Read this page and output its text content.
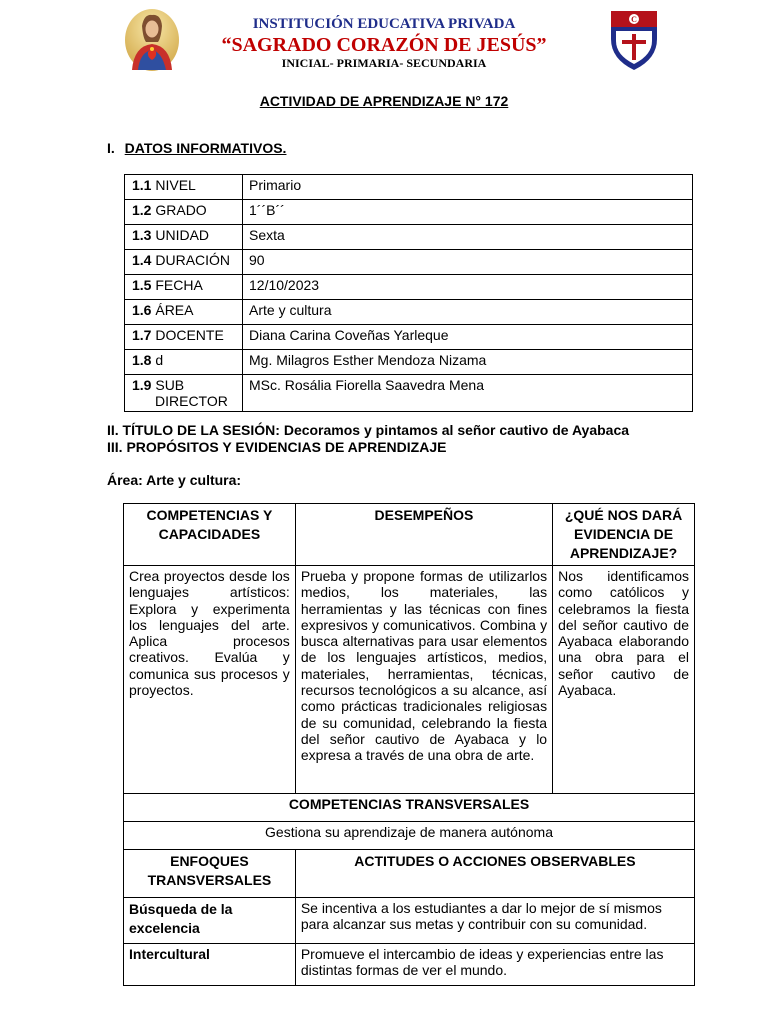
C
INSTITUCIÓN EDUCATIVA PRIVADA
“SAGRADO CORAZÓN DE JESÚS”
INICIAL- PRIMARIA- SECUNDARIA
ACTIVIDAD DE APRENDIZAJE N° 172
I. DATOS INFORMATIVOS.
1.1 NIVEL	Primario
1.2 GRADO	1´´B´´
1.3 UNIDAD	Sexta
1.4 DURACIÓN	90
1.5 FECHA	12/10/2023
1.6 ÁREA	Arte y cultura
1.7 DOCENTE	Diana Carina Coveñas Yarleque
1.8 d	Mg. Milagros Esther Mendoza Nizama
1.9 SUB
DIRECTOR	MSc. Rosália Fiorella Saavedra Mena
II. TÍTULO DE LA SESIÓN: Decoramos y pintamos al señor cautivo de Ayabaca
III. PROPÓSITOS Y EVIDENCIAS DE APRENDIZAJE
Área: Arte y cultura:
COMPETENCIAS Y CAPACIDADES	DESEMPEÑOS	¿QUÉ NOS DARÁ EVIDENCIA DE APRENDIZAJE?
Crea proyectos desde los lenguajes artísticos: Explora y experimenta los lenguajes del arte. Aplica procesos creativos. Evalúa y comunica sus procesos y proyectos.	Prueba y propone formas de utilizarlos medios, los materiales, las herramientas y las técnicas con fines expresivos y comunicativos. Combina y busca alternativas para usar elementos de los lenguajes artísticos, medios, materiales, herramientas, técnicas, recursos tecnológicos a su alcance, así como prácticas tradicionales religiosas de su comunidad, celebrando la fiesta del señor cautivo de Ayabaca y lo expresa a través de una obra de arte.	Nos identificamos como católicos y celebramos la fiesta del señor cautivo de Ayabaca elaborando una obra para el señor cautivo de Ayabaca.
COMPETENCIAS TRANSVERSALES		
Gestiona su aprendizaje de manera autónoma		
ENFOQUES TRANSVERSALES	ACTITUDES O ACCIONES OBSERVABLES	
Búsqueda de la excelencia	Se incentiva a los estudiantes a dar lo mejor de sí mismos para alcanzar sus metas y contribuir con su comunidad.	
Intercultural	Promueve el intercambio de ideas y experiencias entre las distintas formas de ver el mundo.	
